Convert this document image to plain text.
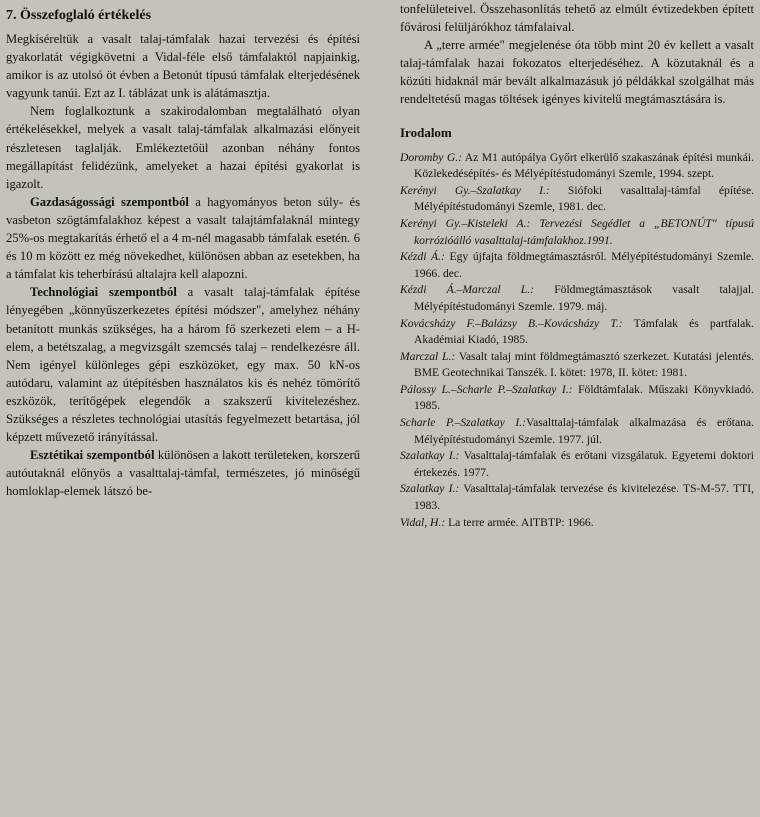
7. Összefoglaló értékelés

Megkíséreltük a vasalt talaj-támfalak hazai tervezési és építési gyakorlatát végigkövetni a Vidal-féle első támfalaktól napjainkig, amikor is az utolsó öt évben a Betonút típusú támfalak elterjedésének vagyunk tanúi. Ezt az I. táblázat unk is alátámasztja.

Nem foglalkoztunk a szakirodalomban megtalálható olyan értékelésekkel, melyek a vasalt talaj-támfalak alkalmazási előnyeit részletesen taglalják. Emlékeztetőül azonban néhány fontos megállapítást felidézünk, amelyeket a hazai építési gyakorlat is igazolt.

Gazdaságossági szempontból a hagyományos beton súly- és vasbeton szögtámfalakhoz képest a vasalt talajtámfalaknál mintegy 25%-os megtakarítás érhető el a 4 m-nél magasabb támfalak esetén. 6 és 10 m között ez még növekedhet, különösen abban az esetekben, ha a támfalat kis teherbírású altalajra kell alapozni.

Technológiai szempontból a vasalt talaj-támfalak építése lényegében „könnyűszerkezetes építési módszer", amelyhez néhány betanított munkás szükséges, ha a három fő szerkezeti elem – a H-elem, a betétszalag, a megvizsgált szemcsés talaj – rendelkezésre áll. Nem igényel különleges gépi eszközöket, egy max. 50 kN-os autódaru, valamint az útépítésben használatos kis és nehéz tömörítő eszközök, terítőgépek elegendők a szakszerű kivitelezéshez. Szükséges a részletes technológiai utasítás fegyelmezett betartása, jól képzett művezető irányítással.

Esztétikai szempontból különösen a lakott területeken, korszerű autóutaknál előnyös a vasalttalaj-támfal, természetes, jó minőségű homloklap-elemek látszó be-

tonfelületeivel. Összehasonlítás tehető az elmúlt évtizedekben épített fővárosi felüljárókhoz támfalaival.

A „terre armée" megjelenése óta több mint 20 év kellett a vasalt talaj-támfalak hazai fokozatos elterjedéséhez. A közutaknál és a közúti hidaknál már bevált alkalmazásuk jó példákkal szolgálhat más rendeltetésű magas töltések igényes kivitelű megtámasztására is.

Irodalom
Doromby G.: Az M1 autópálya Győrt elkerülő szakaszának építési munkái. Közlekedésépítés- és Mélyépítéstudományi Szemle, 1994. szept.
Kerényi Gy.–Szalatkay I.: Siófoki vasalttalaj-támfal építése. Mélyépítéstudományi Szemle, 1981. dec.
Kerényi Gy.–Kisteleki A.: Tervezési Segédlet a „BETONÚT" típusú korrózióálló vasalttalaj-támfalakhoz.1991.
Kézdi Á.: Egy újfajta földmegtámasztásról. Mélyépítéstudományi Szemle. 1966. dec.
Kézdi Á.–Marczal L.: Földmegtámasztások vasalt talajjal. Mélyépítéstudományi Szemle. 1979. máj.
Kovácsházy F.–Balázsy B.–Kovácsházy T.: Támfalak és partfalak. Akadémiai Kiadó, 1985.
Marczal L.: Vasalt talaj mint földmegtámasztó szerkezet. Kutatási jelentés. BME Geotechnikai Tanszék. I. kötet: 1978, II. kötet: 1981.
Pálossy L.–Scharle P.–Szalatkay I.: Földtámfalak. Műszaki Könyvkiadó. 1985.
Scharle P.–Szalatkay I.:Vasalttalaj-támfalak alkalmazása és erőtana. Mélyépítéstudományi Szemle. 1977. júl.
Szalatkay I.: Vasalttalaj-támfalak és erőtani vizsgálatuk. Egyetemi doktori értekezés. 1977.
Szalatkay I.: Vasalttalaj-támfalak tervezése és kivitelezése. TS-M-57. TTI, 1983.
Vidal, H.: La terre armée. AITBTP: 1966.
